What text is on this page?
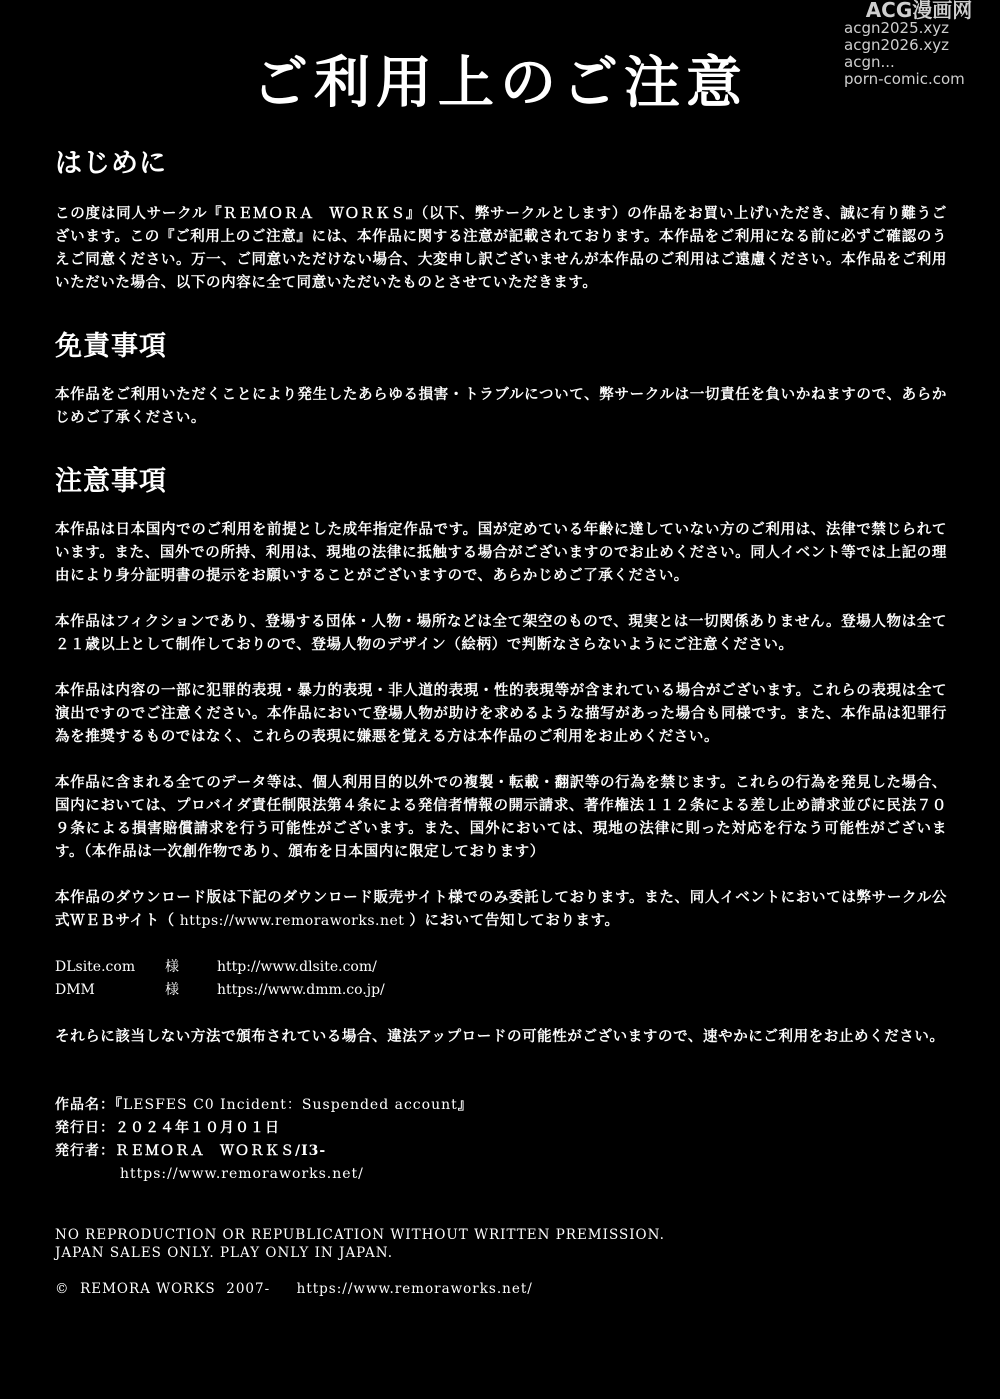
ACG漫画网
acgn2025.xyz
acgn2026.xyz
acgn...
porn-comic.com
ご利用上のご注意
はじめに

この度は同人サークル『ＲＥＭＯＲＡ　ＷＯＲＫＳ』（以下、弊サークルとします）の作品をお買い上げいただき、誠に有り難うございます。この『ご利用上のご注意』には、本作品に関する注意が記載されております。本作品をご利用になる前に必ずご確認のうえご同意ください。万一、ご同意いただけない場合、大変申し訳ございませんが本作品のご利用はご遠慮ください。本作品をご利用いただいた場合、以下の内容に全て同意いただいたものとさせていただきます。

免責事項

本作品をご利用いただくことにより発生したあらゆる損害・トラブルについて、弊サークルは一切責任を負いかねますので、あらかじめご了承ください。

注意事項

本作品は日本国内でのご利用を前提とした成年指定作品です。国が定めている年齢に達していない方のご利用は、法律で禁じられています。また、国外での所持、利用は、現地の法律に抵触する場合がございますのでお止めください。同人イベント等では上記の理由により身分証明書の提示をお願いすることがございますので、あらかじめご了承ください。

本作品はフィクションであり、登場する団体・人物・場所などは全て架空のもので、現実とは一切関係ありません。登場人物は全て２１歳以上として制作しておりので、登場人物のデザイン（絵柄）で判断なさらないようにご注意ください。

本作品は内容の一部に犯罪的表現・暴力的表現・非人道的表現・性的表現等が含まれている場合がございます。これらの表現は全て演出ですのでご注意ください。本作品において登場人物が助けを求めるような描写があった場合も同様です。また、本作品は犯罪行為を推奨するものではなく、これらの表現に嫌悪を覚える方は本作品のご利用をお止めください。

本作品に含まれる全てのデータ等は、個人利用目的以外での複製・転載・翻訳等の行為を禁じます。これらの行為を発見した場合、国内においては、プロバイダ責任制限法第４条による発信者情報の開示請求、著作権法１１２条による差し止め請求並びに民法７０９条による損害賠償請求を行う可能性がございます。また、国外においては、現地の法律に則った対応を行なう可能性がございます。（本作品は一次創作物であり、頒布を日本国内に限定しております）

本作品のダウンロード版は下記のダウンロード販売サイト様でのみ委託しております。また、同人イベントにおいては弊サークル公式ＷＥＢサイト（ https://www.remoraworks.net ）において告知しております。

DLsite.com	様	http://www.dlsite.com/
DMM	様	https://www.dmm.co.jp/

それらに該当しない方法で頒布されている場合、違法アップロードの可能性がございますので、速やかにご利用をお止めください。

作品名：『LESFES C0 Incident：Suspended account』
発行日：２０２４年１０月０１日
発行者：ＲＥＭＯＲＡ　ＷＯＲＫＳ/I3-
https://www.remoraworks.net/
NO REPRODUCTION OR REPUBLICATION WITHOUT WRITTEN PREMISSION.
JAPAN SALES ONLY. PLAY ONLY IN JAPAN.
© REMORA WORKS  2007- https://www.remoraworks.net/
